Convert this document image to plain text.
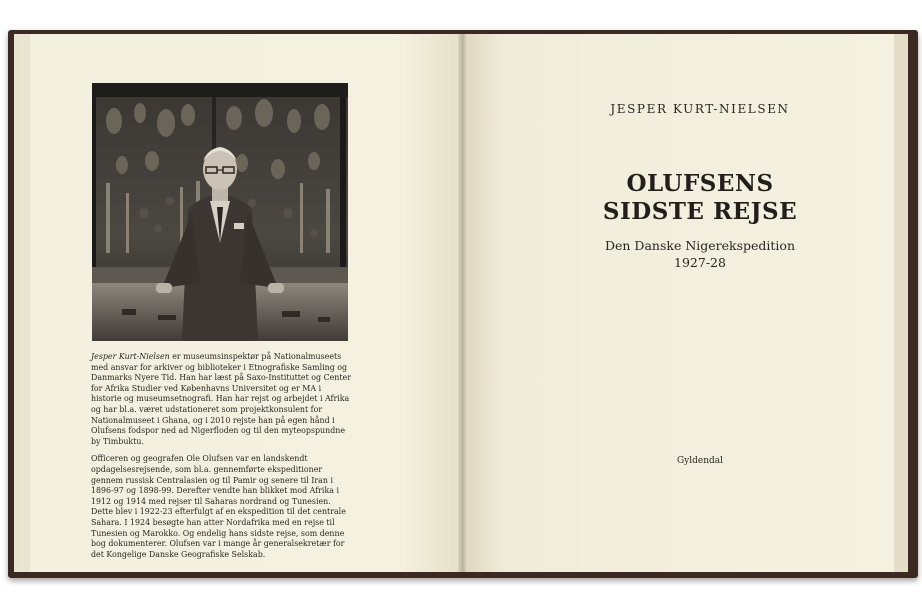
Jesper Kurt-Nielsen er museumsinspektør på Nationalmuseets med ansvar for arkiver og biblioteker i Etnografiske Samling og Danmarks Nyere Tid. Han har læst på Saxo-Instituttet og Center for Afrika Studier ved Københavns Universitet og er MA i historie og museumsetnografi. Han har rejst og arbejdet i Afrika og har bl.a. været udstationeret som projektkonsulent for Nationalmuseet i Ghana, og i 2010 rejste han på egen hånd i Olufsens fodspor ned ad Nigerfloden og til den myteopspundne by Timbuktu.

Officeren og geografen Ole Olufsen var en landskendt opdagelsesrejsende, som bl.a. gennemførte ekspeditioner gennem russisk Centralasien og til Pamir og senere til Iran i 1896-97 og 1898-99. Derefter vendte han blikket mod Afrika i 1912 og 1914 med rejser til Saharas nordrand og Tunesien. Dette blev i 1922-23 efterfulgt af en ekspedition til det centrale Sahara. I 1924 besøgte han atter Nordafrika med en rejse til Tunesien og Marokko. Og endelig hans sidste rejse, som denne bog dokumenterer. Olufsen var i mange år generalsekretær for det Kongelige Danske Geografiske Selskab.

JESPER KURT-NIELSEN
OLUFSENS
SIDSTE REJSE
Den Danske Nigerekspedition
1927-28
Gyldendal
